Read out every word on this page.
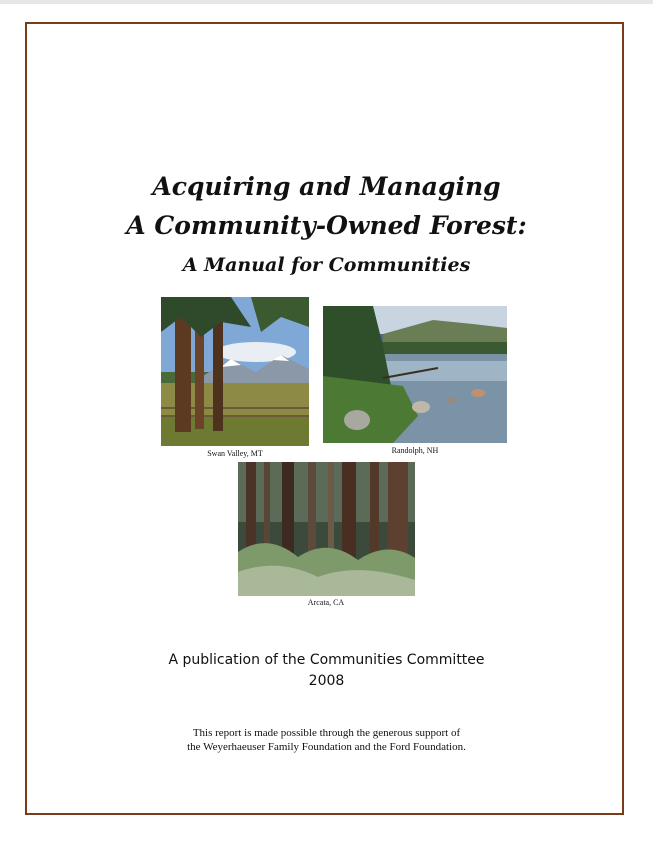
Acquiring and Managing
A Community-Owned Forest:
A Manual for Communities
Swan Valley, MT	Randolph, NH
Arcata, CA

A publication of the Communities Committee

2008

This report is made possible through the generous support of

the Weyerhaeuser Family Foundation and the Ford Foundation.
